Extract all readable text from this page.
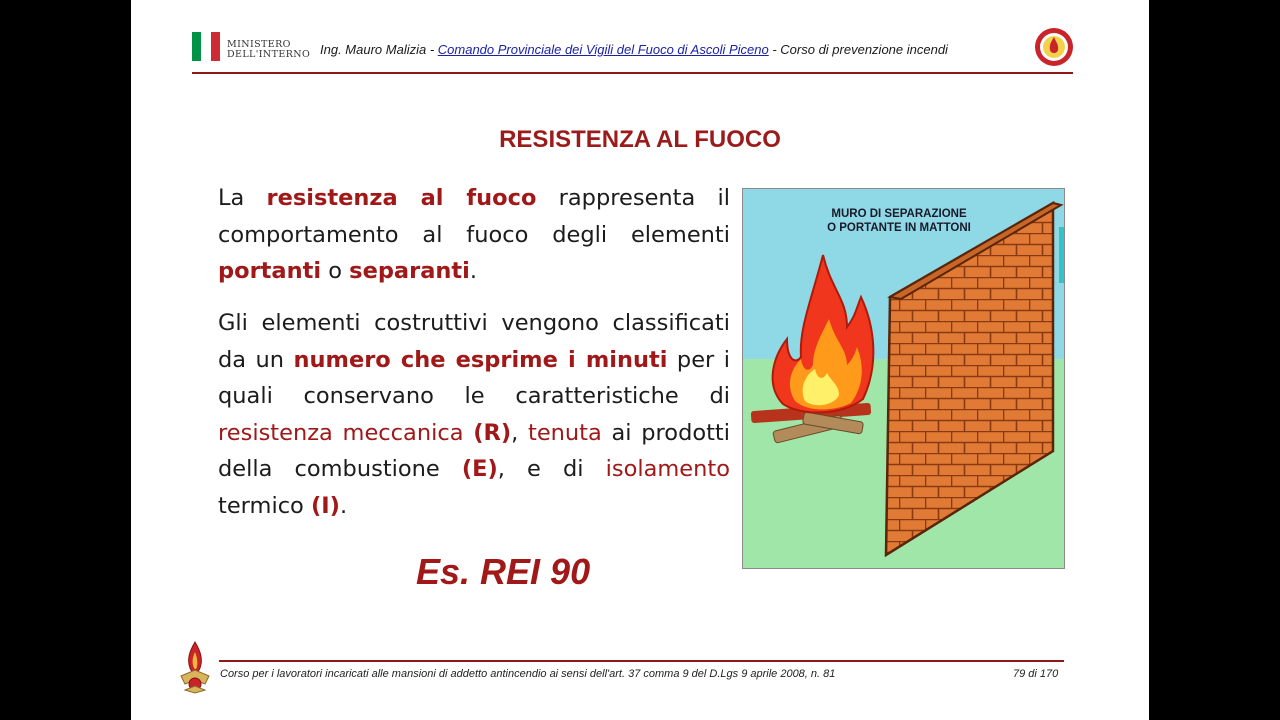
MINISTERO
DELL'INTERNO Ing. Mauro Malizia - Comando Provinciale dei Vigili del Fuoco di Ascoli Piceno - Corso di prevenzione incendi
RESISTENZA AL FUOCO

La resistenza al fuoco rappresenta il comportamento al fuoco degli elementi portanti o separanti.

Gli elementi costruttivi vengono classificati da un numero che esprime i minuti per i quali conservano le caratteristiche di resistenza meccanica (R), tenuta ai prodotti della combustione (E), e di isolamento termico (I).

Es. REI 90
MURO DI SEPARAZIONE
O PORTANTE IN MATTONI
Corso per i lavoratori incaricati alle mansioni di addetto antincendio ai sensi dell'art. 37 comma 9 del D.Lgs 9 aprile 2008, n. 81	79 di 170
